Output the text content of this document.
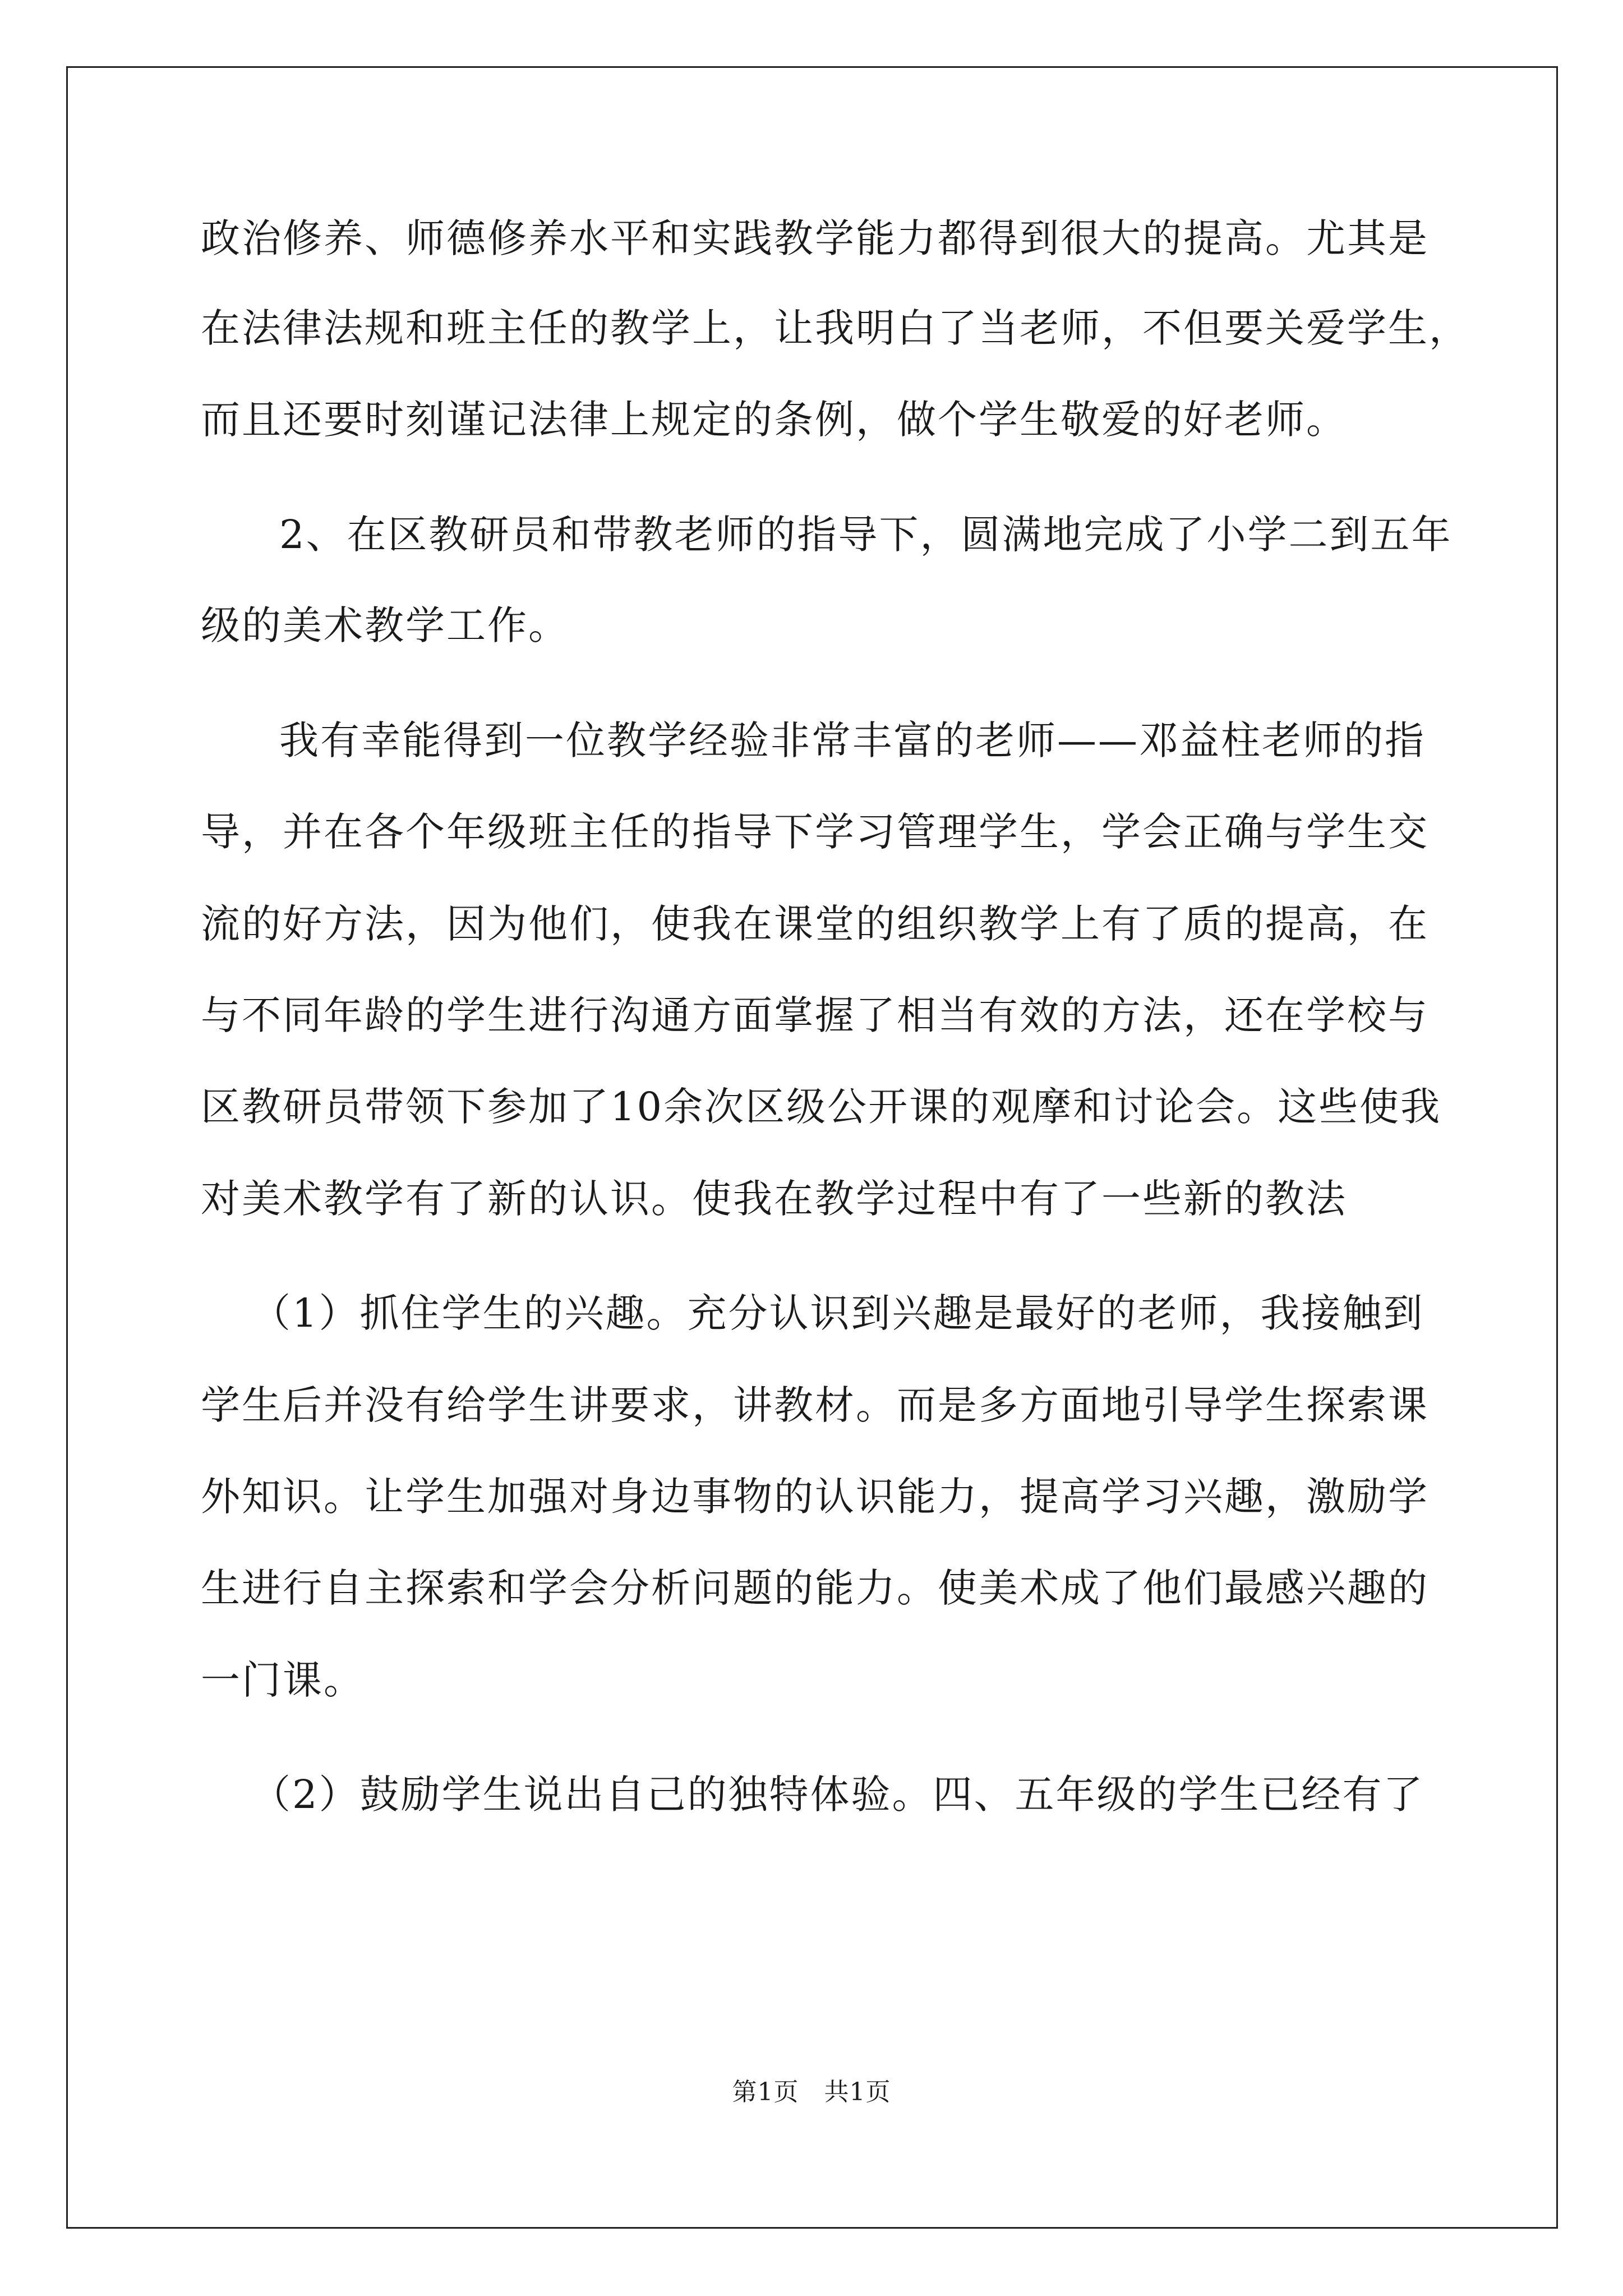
政治修养、师德修养水平和实践教学能力都得到很大的提高。尤其是
在法律法规和班主任的教学上，让我明白了当老师，不但要关爱学生，
而且还要时刻谨记法律上规定的条例，做个学生敬爱的好老师。
2、在区教研员和带教老师的指导下，圆满地完成了小学二到五年
级的美术教学工作。
我有幸能得到一位教学经验非常丰富的老师——邓益柱老师的指
导，并在各个年级班主任的指导下学习管理学生，学会正确与学生交
流的好方法，因为他们，使我在课堂的组织教学上有了质的提高，在
与不同年龄的学生进行沟通方面掌握了相当有效的方法，还在学校与
区教研员带领下参加了10余次区级公开课的观摩和讨论会。这些使我
对美术教学有了新的认识。使我在教学过程中有了一些新的教法
（1）抓住学生的兴趣。充分认识到兴趣是最好的老师，我接触到
学生后并没有给学生讲要求，讲教材。而是多方面地引导学生探索课
外知识。让学生加强对身边事物的认识能力，提高学习兴趣，激励学
生进行自主探索和学会分析问题的能力。使美术成了他们最感兴趣的
一门课。
（2）鼓励学生说出自己的独特体验。四、五年级的学生已经有了
第1页   共1页
